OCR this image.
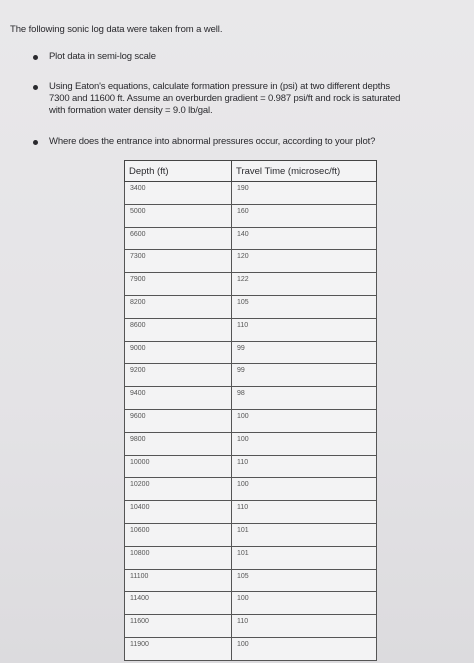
The following sonic log data were taken from a well.
Plot data in semi-log scale
Using Eaton's equations, calculate formation pressure in (psi) at two different depths
7300 and 11600 ft. Assume an overburden gradient = 0.987 psi/ft and rock is saturated
with formation water density = 9.0 lb/gal.
Where does the entrance into abnormal pressures occur, according to your plot?
Depth (ft)	Travel Time (microsec/ft)
3400	190
5000	160
6600	140
7300	120
7900	122
8200	105
8600	110
9000	99
9200	99
9400	98
9600	100
9800	100
10000	110
10200	100
10400	110
10600	101
10800	101
11100	105
11400	100
11600	110
11900	100
